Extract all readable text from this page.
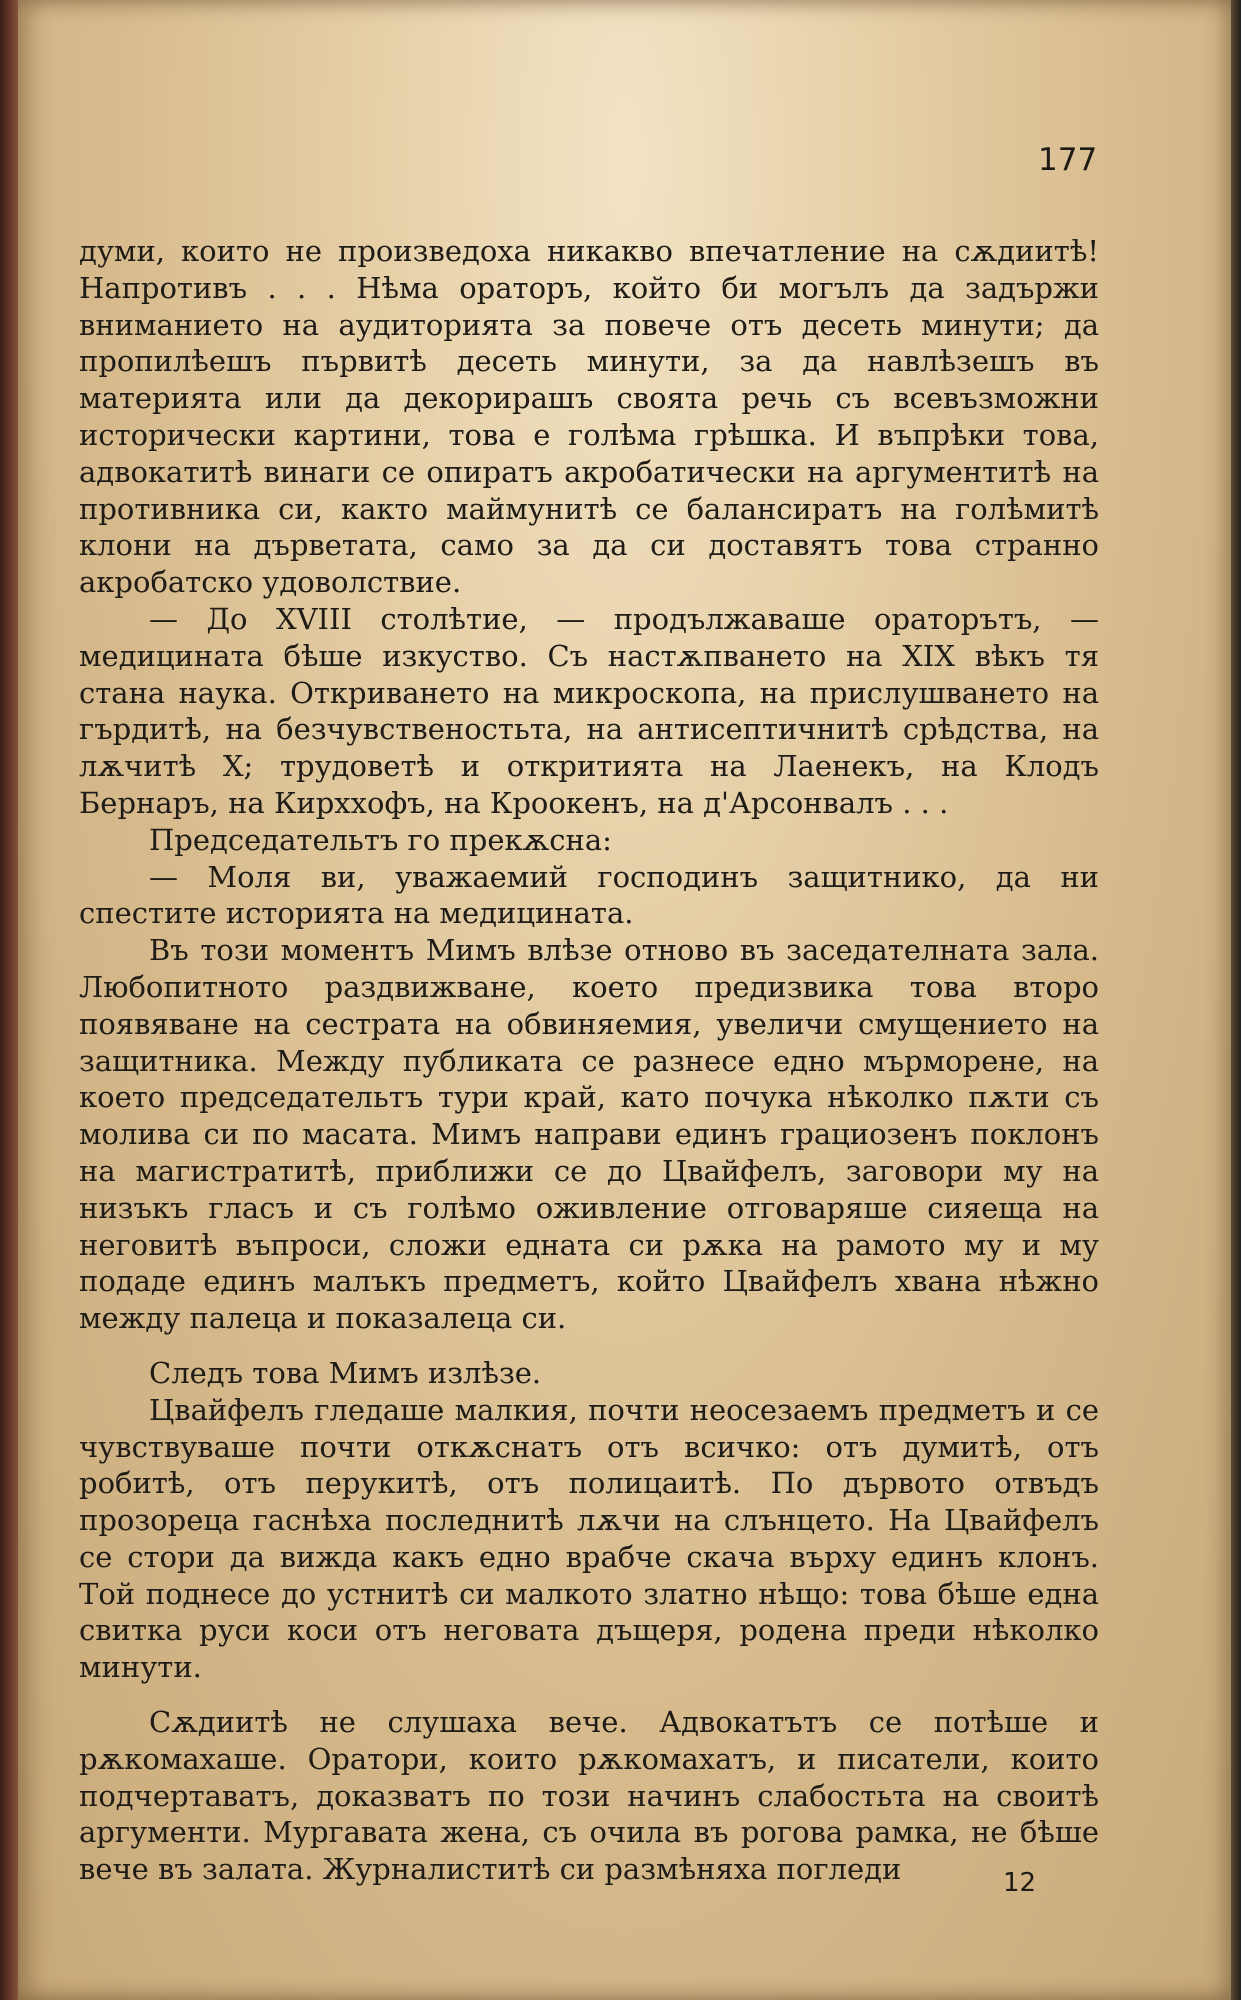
177

думи, които не произведоха никакво впечатление на сѫдиитѣ! Напротивъ . . . Нѣма ораторъ, който би могълъ да задържи вниманието на аудиторията за повече отъ десеть минути; да пропилѣешъ първитѣ десеть минути, за да навлѣзешъ въ материята или да декорирашъ своята речь съ всевъзможни исторически картини, това е голѣма грѣшка. И въпрѣки това, адвокатитѣ винаги се опиратъ акробатически на аргументитѣ на противника си, както маймунитѣ се балансиратъ на голѣмитѣ клони на дърветата, само за да си доставятъ това странно акробатско удоволствие.

— До XVIII столѣтие, — продължаваше ораторътъ, — медицината бѣше изкуство. Съ настѫпването на XIX вѣкъ тя стана наука. Откриването на микроскопа, на прислушването на гърдитѣ, на безчувственостьта, на антисептичнитѣ срѣдства, на лѫчитѣ X; трудоветѣ и откритията на Лаенекъ, на Клодъ Бернаръ, на Кирххофъ, на Кроокенъ, на д'Арсонвалъ . . .

Председательтъ го прекѫсна:

— Моля ви, уважаемий господинъ защитнико, да ни спестите историята на медицината.

Въ този моментъ Мимъ влѣзе отново въ заседателната зала. Любопитното раздвижване, което предизвика това второ появяване на сестрата на обвиняемия, увеличи смущението на защитника. Между публиката се разнесе едно мърморене, на което председательтъ тури край, като почука нѣколко пѫти съ молива си по масата. Мимъ направи единъ грациозенъ поклонъ на магистратитѣ, приближи се до Цвайфелъ, заговори му на низъкъ гласъ и съ голѣмо оживление отговаряше сияеща на неговитѣ въпроси, сложи едната си рѫка на рамото му и му подаде единъ малъкъ предметъ, който Цвайфелъ хвана нѣжно между палеца и показалеца си.

Следъ това Мимъ излѣзе.

Цвайфелъ гледаше малкия, почти неосезаемъ предметъ и се чувствуваше почти откѫснатъ отъ всичко: отъ думитѣ, отъ робитѣ, отъ перукитѣ, отъ полицаитѣ. По дървото отвъдъ прозореца гаснѣха последнитѣ лѫчи на слънцето. На Цвайфелъ се стори да вижда какъ едно врабче скача върху единъ клонъ. Той поднесе до устнитѣ си малкото златно нѣщо: това бѣше една свитка руси коси отъ неговата дъщеря, родена преди нѣколко минути.

Сѫдиитѣ не слушаха вече. Адвокатътъ се потѣше и рѫкомахаше. Оратори, които рѫкомахатъ, и писатели, които подчертаватъ, доказватъ по този начинъ слабостьта на своитѣ аргументи. Мургавата жена, съ очила въ рогова рамка, не бѣше вече въ залата. Журналиститѣ си размѣняха погледи	12
